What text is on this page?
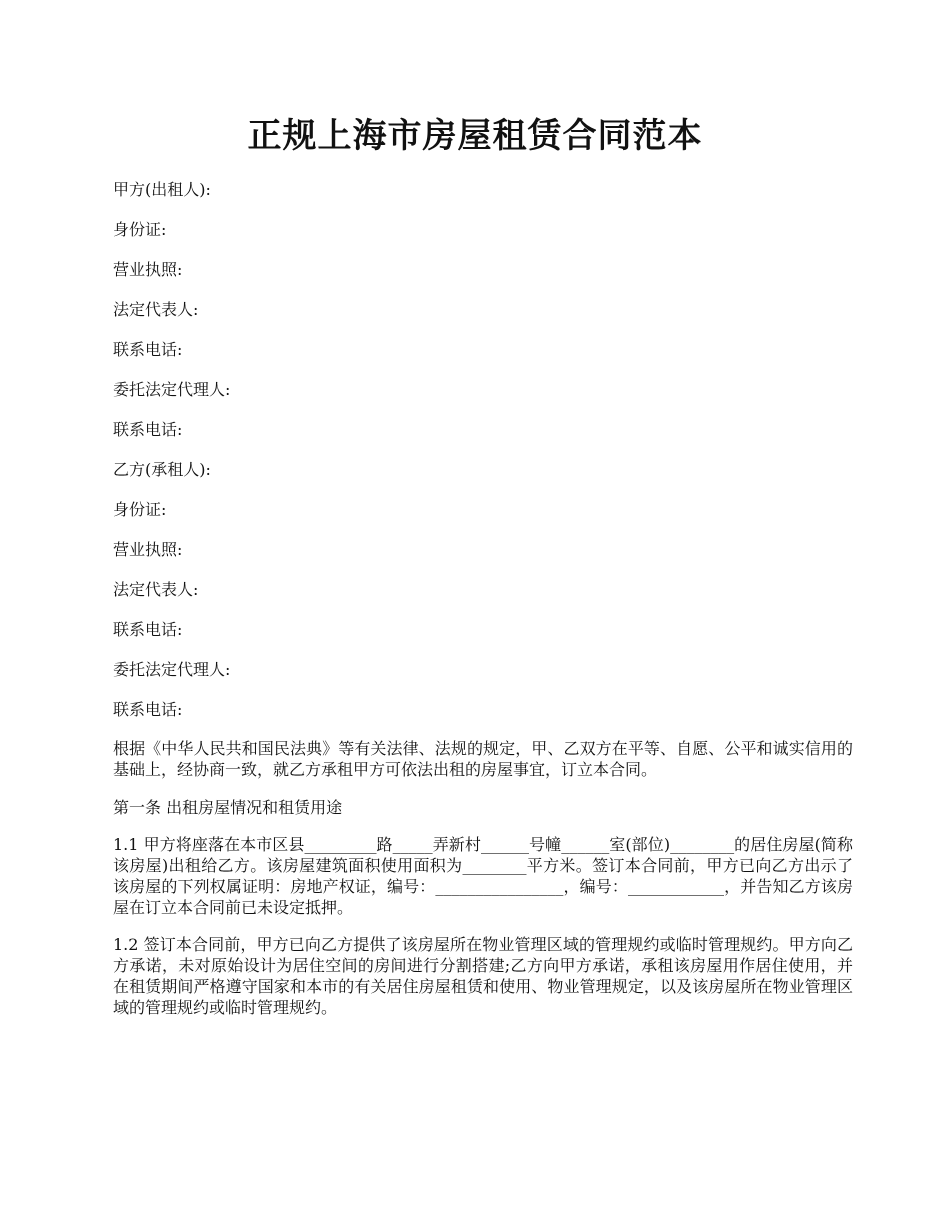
正规上海市房屋租赁合同范本
甲方(出租人):
身份证:
营业执照:
法定代表人:
联系电话:
委托法定代理人:
联系电话:
乙方(承租人):
身份证:
营业执照:
法定代表人:
联系电话:
委托法定代理人:
联系电话:
根据《中华人民共和国民法典》等有关法律、法规的规定，甲、乙双方在平等、自愿、公平和诚实信用的基础上，经协商一致，就乙方承租甲方可依法出租的房屋事宜，订立本合同。
第一条 出租房屋情况和租赁用途
1.1 甲方将座落在本市区县_________路_____弄新村______号幢______室(部位)________的居住房屋(简称该房屋)出租给乙方。该房屋建筑面积使用面积为________平方米。签订本合同前，甲方已向乙方出示了该房屋的下列权属证明：房地产权证，编号：________________，编号：____________，并告知乙方该房屋在订立本合同前已未设定抵押。
1.2 签订本合同前，甲方已向乙方提供了该房屋所在物业管理区域的管理规约或临时管理规约。甲方向乙方承诺，未对原始设计为居住空间的房间进行分割搭建;乙方向甲方承诺，承租该房屋用作居住使用，并在租赁期间严格遵守国家和本市的有关居住房屋租赁和使用、物业管理规定，以及该房屋所在物业管理区域的管理规约或临时管理规约。
